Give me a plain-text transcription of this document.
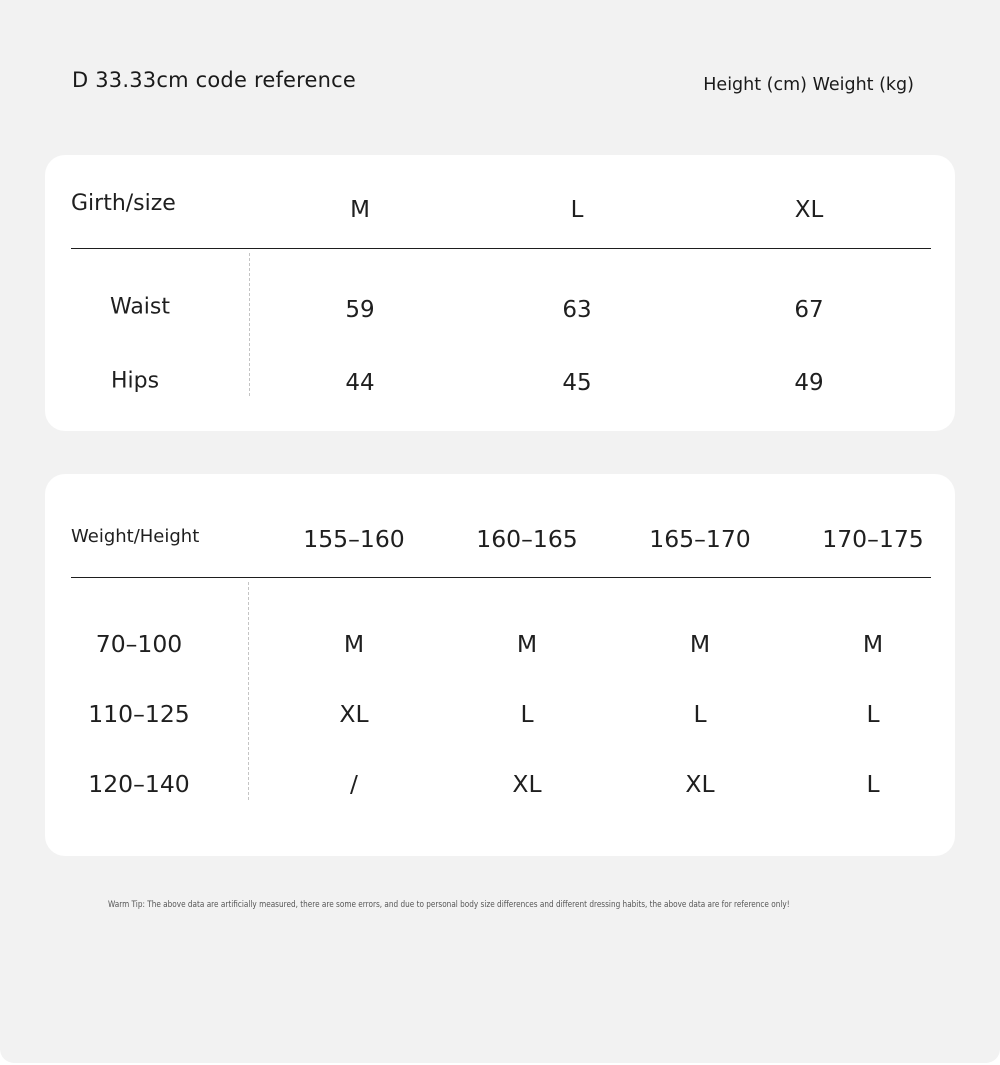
D 33.33cm code reference	Height (cm) Weight (kg)
Girth/size	M	L	XL
Waist	59	63	67
Hips	44	45	49
Weight/Height	155–160	160–165	165–170	170–175
70–100	M	M	M	M
110–125	XL	L	L	L
120–140	/	XL	XL	L
Warm Tip: The above data are artificially measured, there are some errors, and due to personal body size differences and different dressing habits, the above data are for reference only!
